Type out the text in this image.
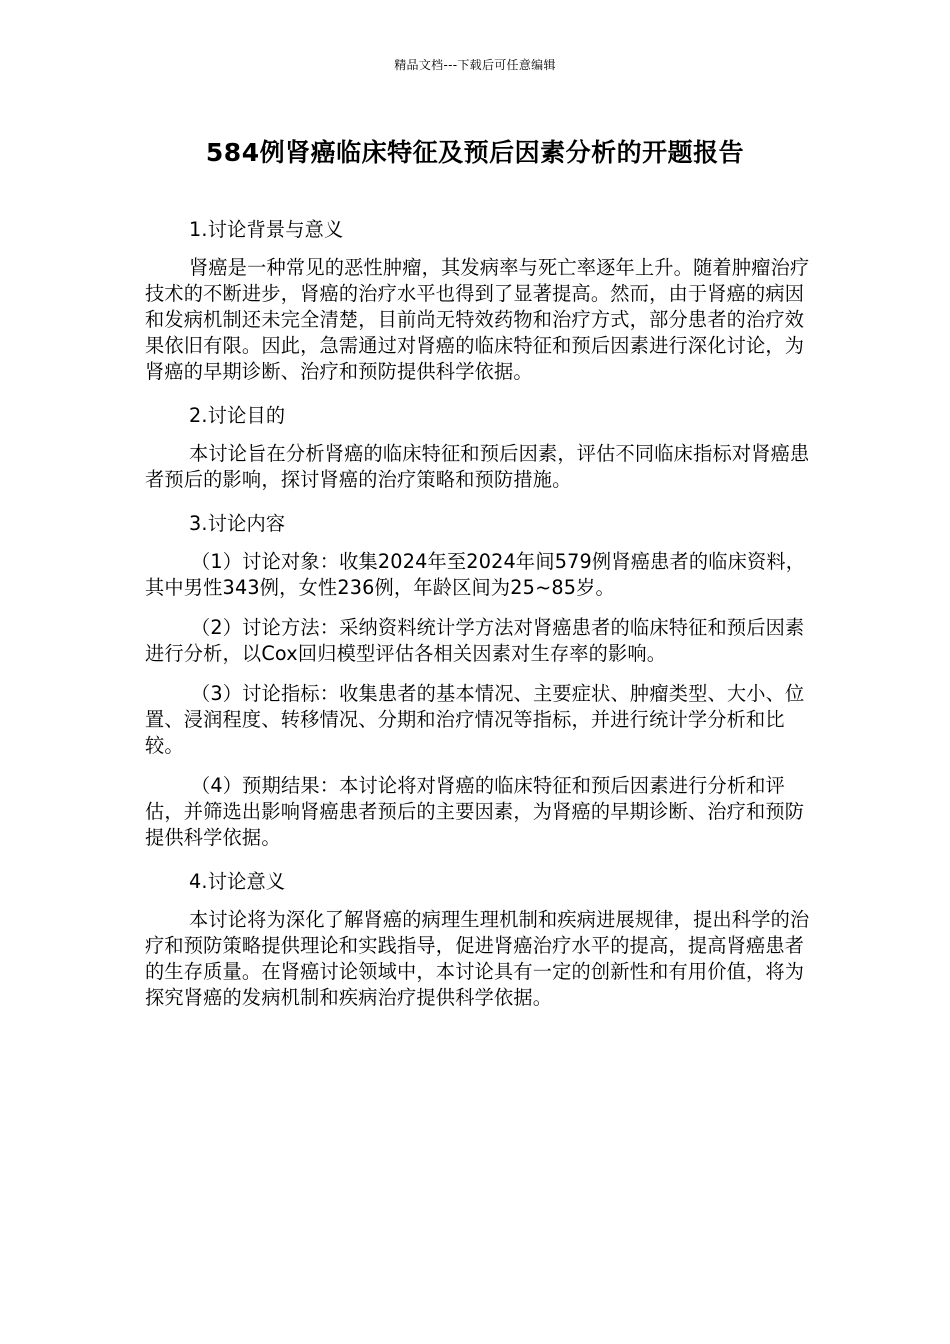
精品文档---下载后可任意编辑
584例肾癌临床特征及预后因素分析的开题报告
1.讨论背景与意义

肾癌是一种常见的恶性肿瘤，其发病率与死亡率逐年上升。随着肿瘤治疗技术的不断进步，肾癌的治疗水平也得到了显著提高。然而，由于肾癌的病因和发病机制还未完全清楚，目前尚无特效药物和治疗方式，部分患者的治疗效果依旧有限。因此，急需通过对肾癌的临床特征和预后因素进行深化讨论，为肾癌的早期诊断、治疗和预防提供科学依据。

2.讨论目的

本讨论旨在分析肾癌的临床特征和预后因素，评估不同临床指标对肾癌患者预后的影响，探讨肾癌的治疗策略和预防措施。

3.讨论内容

（1）讨论对象：收集2024年至2024年间579例肾癌患者的临床资料，其中男性343例，女性236例，年龄区间为25~85岁。

（2）讨论方法：采纳资料统计学方法对肾癌患者的临床特征和预后因素进行分析，以Cox回归模型评估各相关因素对生存率的影响。

（3）讨论指标：收集患者的基本情况、主要症状、肿瘤类型、大小、位置、浸润程度、转移情况、分期和治疗情况等指标，并进行统计学分析和比较。

（4）预期结果：本讨论将对肾癌的临床特征和预后因素进行分析和评估，并筛选出影响肾癌患者预后的主要因素，为肾癌的早期诊断、治疗和预防提供科学依据。

4.讨论意义

本讨论将为深化了解肾癌的病理生理机制和疾病进展规律，提出科学的治疗和预防策略提供理论和实践指导，促进肾癌治疗水平的提高，提高肾癌患者的生存质量。在肾癌讨论领域中，本讨论具有一定的创新性和有用价值，将为探究肾癌的发病机制和疾病治疗提供科学依据。
